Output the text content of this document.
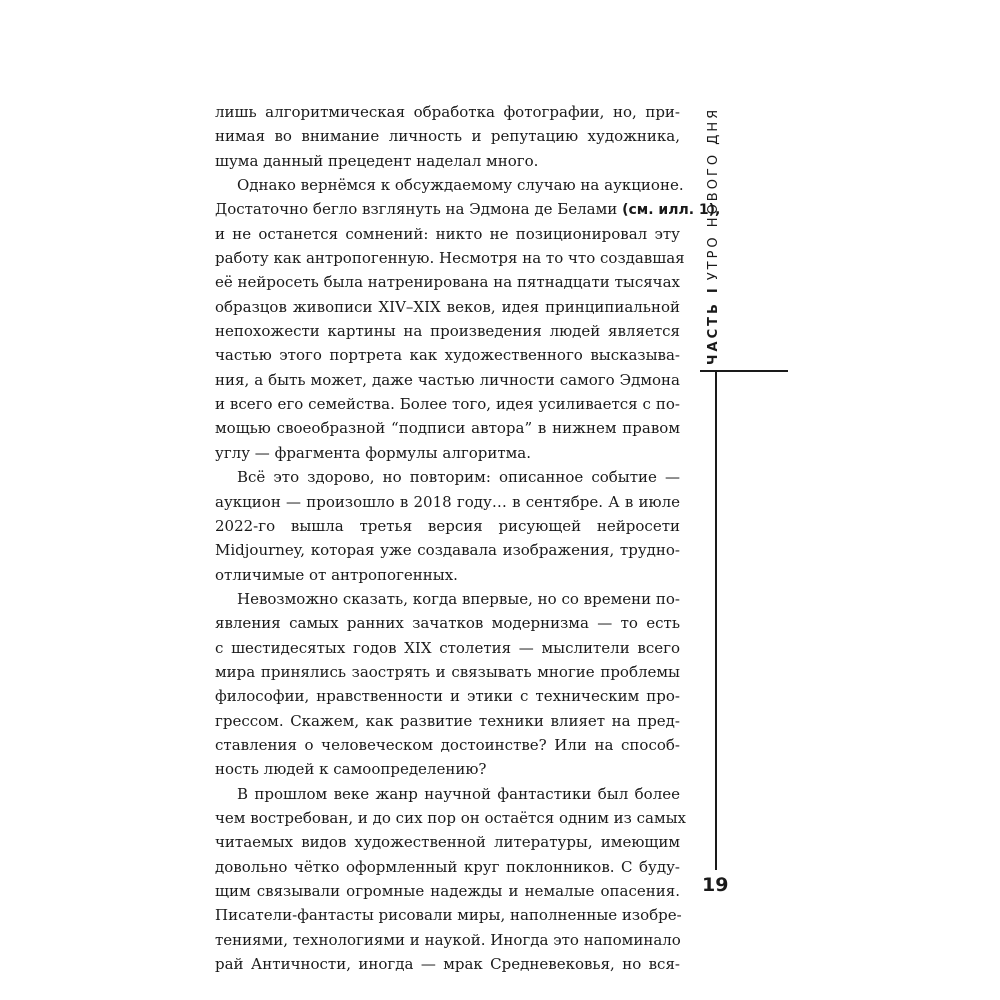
лишь алгоритмическая обработка фотографии, но, при-
нимая во внимание личность и репутацию художника,
шума данный прецедент наделал много.
Однако вернёмся к обсуждаемому случаю на аукционе.
Достаточно бегло взглянуть на Эдмона де Белами (см. илл. 1),
и не останется сомнений: никто не позиционировал эту
работу как антропогенную. Несмотря на то что создавшая
её нейросеть была натренирована на пятнадцати тысячах
образцов живописи XIV–XIX веков, идея принципиальной
непохожести картины на произведения людей является
частью этого портрета как художественного высказыва-
ния, а быть может, даже частью личности самого Эдмона
и всего его семейства. Более того, идея усиливается с по-
мощью своеобразной “подписи автора” в нижнем правом
углу — фрагмента формулы алгоритма.
Всё это здорово, но повторим: описанное событие —
аукцион — произошло в 2018 году… в сентябре. А в июле
2022-го вышла третья версия рисующей нейросети
Midjourney, которая уже создавала изображения, трудно-
отличимые от антропогенных.
Невозможно сказать, когда впервые, но со времени по-
явления самых ранних зачатков модернизма — то есть
с шестидесятых годов XIX столетия — мыслители всего
мира принялись заострять и связывать многие проблемы
философии, нравственности и этики с техническим про-
грессом. Скажем, как развитие техники влияет на пред-
ставления о человеческом достоинстве? Или на способ-
ность людей к самоопределению?
В прошлом веке жанр научной фантастики был более
чем востребован, и до сих пор он остаётся одним из самых
читаемых видов художественной литературы, имеющим
довольно чётко оформленный круг поклонников. С буду-
щим связывали огромные надежды и немалые опасения.
Писатели-фантасты рисовали миры, наполненные изобре-
тениями, технологиями и наукой. Иногда это напоминало
рай Античности, иногда — мрак Средневековья, но вся-
ЧАСТЬIУТРО НОВОГО ДНЯ
19
